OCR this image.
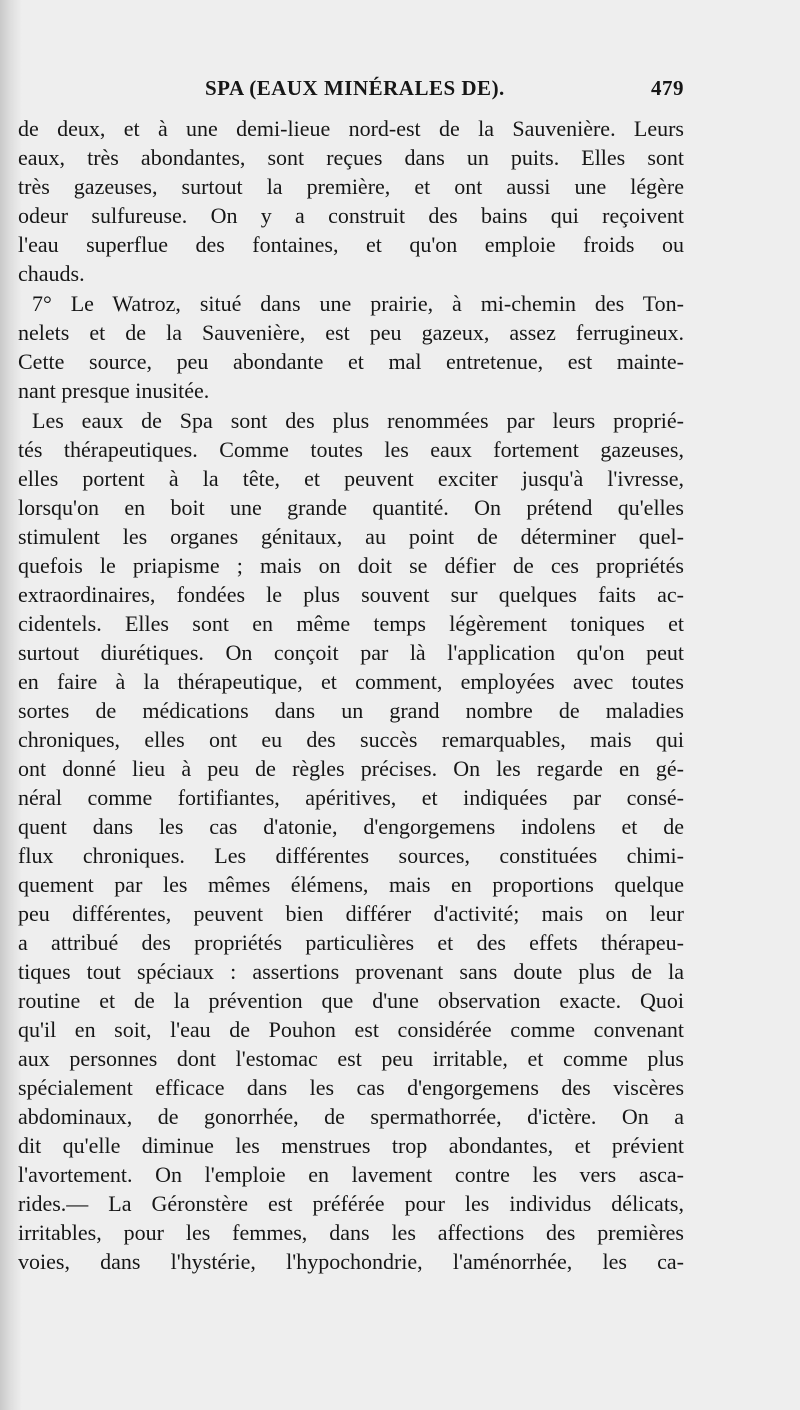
SPA (EAUX MINÉRALES DE).	479
de deux, et à une demi-lieue nord-est de la Sauvenière. Leurs
eaux, très abondantes, sont reçues dans un puits. Elles sont
très gazeuses, surtout la première, et ont aussi une légère
odeur sulfureuse. On y a construit des bains qui reçoivent
l'eau superflue des fontaines, et qu'on emploie froids ou
chauds.
7° Le Watroz, situé dans une prairie, à mi-chemin des Ton-
nelets et de la Sauvenière, est peu gazeux, assez ferrugineux.
Cette source, peu abondante et mal entretenue, est mainte-
nant presque inusitée.
Les eaux de Spa sont des plus renommées par leurs proprié-
tés thérapeutiques. Comme toutes les eaux fortement gazeuses,
elles portent à la tête, et peuvent exciter jusqu'à l'ivresse,
lorsqu'on en boit une grande quantité. On prétend qu'elles
stimulent les organes génitaux, au point de déterminer quel-
quefois le priapisme ; mais on doit se défier de ces propriétés
extraordinaires, fondées le plus souvent sur quelques faits ac-
cidentels. Elles sont en même temps légèrement toniques et
surtout diurétiques. On conçoit par là l'application qu'on peut
en faire à la thérapeutique, et comment, employées avec toutes
sortes de médications dans un grand nombre de maladies
chroniques, elles ont eu des succès remarquables, mais qui
ont donné lieu à peu de règles précises. On les regarde en gé-
néral comme fortifiantes, apéritives, et indiquées par consé-
quent dans les cas d'atonie, d'engorgemens indolens et de
flux chroniques. Les différentes sources, constituées chimi-
quement par les mêmes élémens, mais en proportions quelque
peu différentes, peuvent bien différer d'activité; mais on leur
a attribué des propriétés particulières et des effets thérapeu-
tiques tout spéciaux : assertions provenant sans doute plus de la
routine et de la prévention que d'une observation exacte. Quoi
qu'il en soit, l'eau de Pouhon est considérée comme convenant
aux personnes dont l'estomac est peu irritable, et comme plus
spécialement efficace dans les cas d'engorgemens des viscères
abdominaux, de gonorrhée, de spermathorrée, d'ictère. On a
dit qu'elle diminue les menstrues trop abondantes, et prévient
l'avortement. On l'emploie en lavement contre les vers asca-
rides.— La Géronstère est préférée pour les individus délicats,
irritables, pour les femmes, dans les affections des premières
voies, dans l'hystérie, l'hypochondrie, l'aménorrhée, les ca-
